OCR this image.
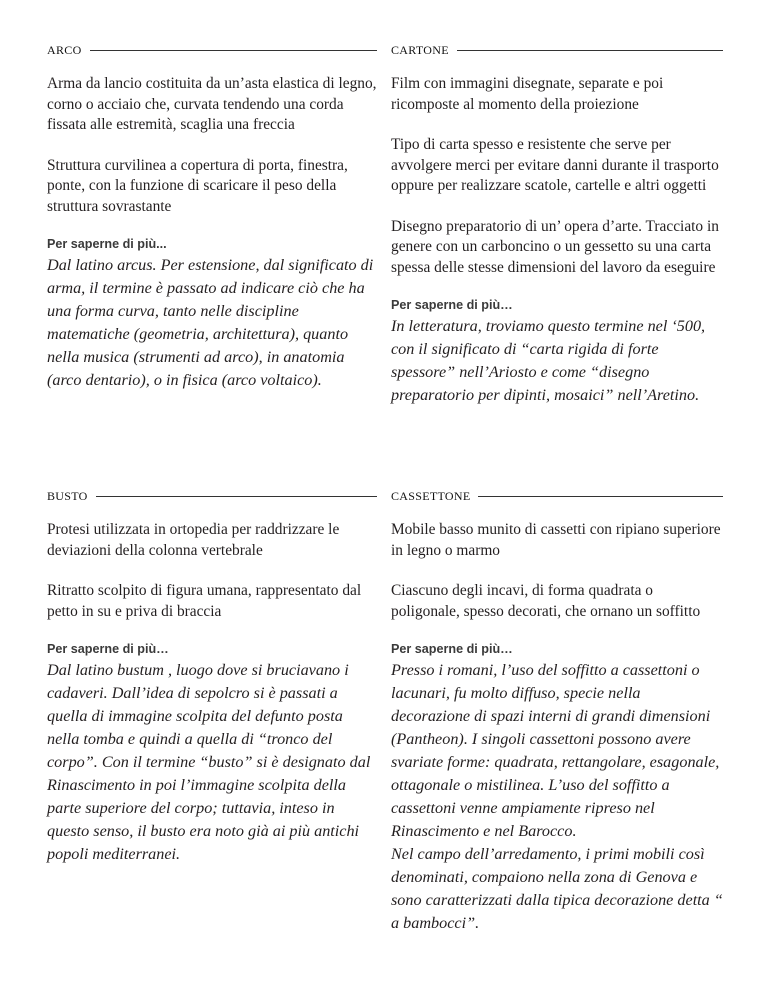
arco

Arma da lancio costituita da un’asta elastica di legno, corno o acciaio che, curvata tendendo una corda fissata alle estremità, scaglia una freccia

Struttura curvilinea a copertura di porta, finestra, ponte, con la funzione di scaricare il peso della struttura sovrastante

Per saperne di più...

Dal latino arcus. Per estensione, dal significato di arma, il termine è passato ad indicare ciò che ha una forma curva, tanto nelle discipline matematiche (geometria, architettura), quanto nella musica (strumenti ad arco), in anatomia (arco dentario), o in fisica (arco voltaico).

cartone

Film con immagini disegnate, separate e poi ricomposte al momento della proiezione

Tipo di carta spesso e resistente che serve per avvolgere merci per evitare danni durante il trasporto oppure per realizzare scatole, cartelle e altri oggetti

Disegno preparatorio di un’ opera d’arte. Tracciato in genere con un carboncino o un gessetto su una carta spessa delle stesse dimensioni del lavoro da eseguire

Per saperne di più…

In letteratura, troviamo questo termine nel ‘500, con il significato di “carta rigida di forte spessore” nell’Ariosto e come “disegno preparatorio per dipinti, mosaici” nell’Aretino.

busto

Protesi utilizzata in ortopedia per raddrizzare le deviazioni della colonna vertebrale

Ritratto scolpito di figura umana, rappresentato dal petto in su e priva di braccia

Per saperne di più…

Dal latino bustum , luogo dove si bruciavano i cadaveri. Dall’idea di sepolcro si è passati a quella di immagine scolpita del defunto posta nella tomba e quindi a quella di “tronco del corpo”. Con il termine “busto” si è designato dal Rinascimento in poi l’immagine scolpita della parte superiore del corpo; tuttavia, inteso in questo senso, il busto era noto già ai più antichi popoli mediterranei.

cassettone

Mobile basso munito di cassetti con ripiano superiore in legno o marmo

Ciascuno degli incavi, di forma quadrata o poligonale, spesso decorati, che ornano un soffitto

Per saperne di più…

Presso i romani, l’uso del soffitto a cassettoni o lacunari, fu molto diffuso, specie nella decorazione di spazi interni di grandi dimensioni (Pantheon). I singoli cassettoni possono avere svariate forme: quadrata, rettangolare, esagonale, ottagonale o mistilinea. L’uso del soffitto a cassettoni venne ampiamente ripreso nel Rinascimento e nel Barocco.
Nel campo dell’arredamento, i primi mobili così denominati, compaiono nella zona di Genova e sono caratterizzati dalla tipica decorazione detta “ a bambocci”.
